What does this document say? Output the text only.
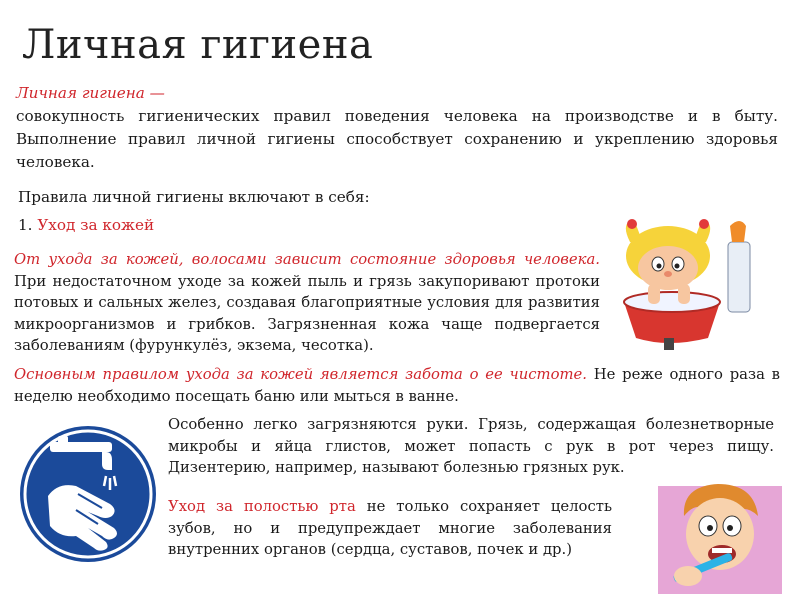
Личная гигиена
Личная гигиена —
совокупность гигиенических правил поведения человека на производстве и в быту. Выполнение правил личной гигиены способствует сохранению и укреплению здоровья человека.
Правила личной гигиены включают в себя:
1. Уход за кожей
От ухода за кожей, волосами зависит состояние здоровья человека. При недостаточном уходе за кожей пыль и грязь закупоривают протоки потовых и сальных желез, создавая благоприятные условия для развития микроорганизмов и грибков. Загрязненная кожа чаще подвергается заболеваниям (фурункулёз, экзема, чесотка).
Основным правилом ухода за кожей является забота о ее чистоте. Не реже одного раза в неделю необходимо посещать баню или мыться в ванне.
Особенно легко загрязняются руки. Грязь, содержащая болезнетворные микробы и яйца глистов, может попасть с рук в рот через пищу. Дизентерию, например, называют болезнью грязных рук.
Уход за полостью рта не только сохраняет целость зубов, но и предупреждает многие заболевания внутренних органов (сердца, суставов, почек и др.)
